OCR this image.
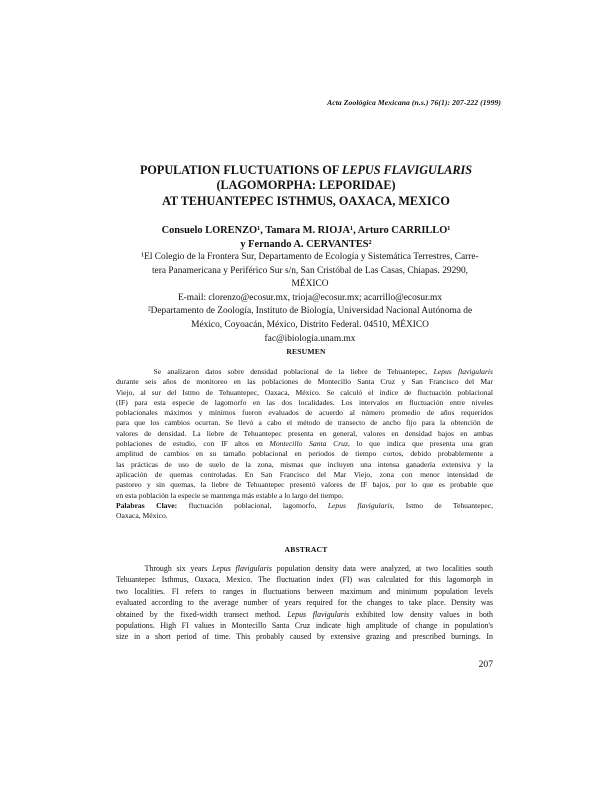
Acta Zoológica Mexicana (n.s.) 76(1): 207-222 (1999)
POPULATION FLUCTUATIONS OF LEPUS FLAVIGULARIS
(LAGOMORPHA: LEPORIDAE)
AT TEHUANTEPEC ISTHMUS, OAXACA, MEXICO
Consuelo LORENZO¹, Tamara M. RIOJA¹, Arturo CARRILLO¹
y Fernando A. CERVANTES²
¹El Colegio de la Frontera Sur, Departamento de Ecología y Sistemática Terrestres, Carre-
tera Panamericana y Periférico Sur s/n, San Cristóbal de Las Casas, Chiapas. 29290,
MÉXICO
E-mail: clorenzo@ecosur.mx, trioja@ecosur.mx; acarrillo@ecosur.mx
²Departamento de Zoología, Instituto de Biología, Universidad Nacional Autónoma de
México, Coyoacán, México, Distrito Federal. 04510, MÉXICO
fac@ibiologia.unam.mx
RESUMEN
Se analizaron datos sobre densidad poblacional de la liebre de Tehuantepec, Lepus flavigularis
durante seis años de monitoreo en las poblaciones de Montecillo Santa Cruz y San Francisco del Mar
Viejo, al sur del Istmo de Tehuantepec, Oaxaca, México. Se calculó el índice de fluctuación poblacional
(IF) para esta especie de lagomorfo en las dos localidades. Los intervalos en fluctuación entre niveles
poblacionales máximos y mínimos fueron evaluados de acuerdo al número promedio de años requeridos
para que los cambios ocurran. Se llevó a cabo el método de transecto de ancho fijo para la obtención de
valores de densidad. La liebre de Tehuantepec presenta en general, valores en densidad bajos en ambas
poblaciones de estudio, con IF altos en Montecillo Santa Cruz, lo que indica que presenta una gran
amplitud de cambios en su tamaño poblacional en periodos de tiempo cortos, debido probablemente a
las prácticas de uso de suelo de la zona, mismas que incluyen una intensa ganadería extensiva y la
aplicación de quemas controladas. En San Francisco del Mar Viejo, zona con menor intensidad de
pastoreo y sin quemas, la liebre de Tehuantepec presentó valores de IF bajos, por lo que es probable que
en esta población la especie se mantenga más estable a lo largo del tiempo.
Palabras Clave: fluctuación poblacional, lagomorfo, Lepus flavigularis, Istmo de Tehuantepec,
Oaxaca, México.
ABSTRACT
Through six years Lepus flavigularis population density data were analyzed, at two localities south
Tehuantepec Isthmus, Oaxaca, Mexico. The fluctuation index (FI) was calculated for this lagomorph in
two localities. FI refers to ranges in fluctuations between maximum and minimum population levels
evaluated according to the average number of years required for the changes to take place. Density was
obtained by the fixed-width transect method. Lepus flavigularis exhibited low density values in both
populations. High FI values in Montecillo Santa Cruz indicate high amplitude of change in population's
size in a short period of time. This probably caused by extensive grazing and prescribed burnings. In
207
